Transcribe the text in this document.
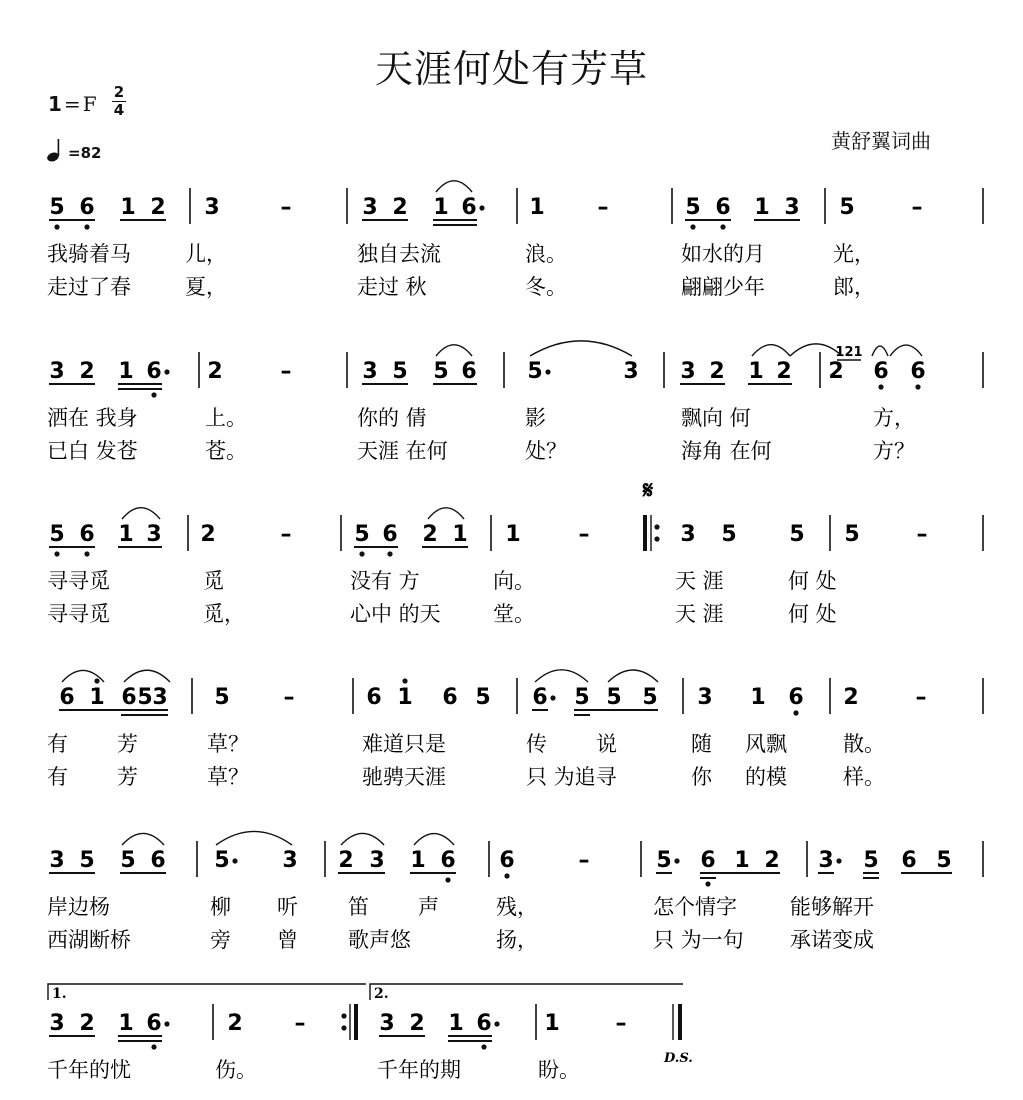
天涯何处有芳草
1 = F 2
4
= 82	黄舒翼词曲
5 6 1 2 3	–	3 2 1 6 1 –	5 6 1 3 5	–
我骑着马	儿，	独自去流	浪。	如水的月	光，
走过了春	夏，	走过 秋	冬。	翩翩少年	郎，
3 2 1 6 2	–	3 5 5 6 5	3 3 2 1 2 2 6 6
121
洒在 我身	上。	你的 倩	影	飘向 何	方，
已白 发苍	苍。	天涯 在何	处？	海角 在何	方？
5 6 1 3 2	–	5 6 2 1 1	–	3 5 5 5	–
𝄋
寻寻觅	觅	没有 方	向。	天 涯	何 处
寻寻觅	觅，	心中 的天 堂。	天 涯	何 处
6 1 6 5 3 5 –	6 1 6 5 6 5 5 5 3 1 6 2	–
有 芳	草？	难道只是	传 说	随 风飘	散。
有 芳	草？	驰骋天涯	只 为追寻	你 的模	样。
3 5 5 6 5 3 2 3 1 6 6	–	5 6 1 2 3 5 6 5
岸边杨	柳 听 笛 声	残，	怎个情字	能够解开
西湖断桥	旁 曾 歌声悠	扬，	只 为一句 承诺变成
3 2 1 6	2 –	3 2 1 6 1	–
1.	2.
D.S.
千年的忧	伤。	千年的期	盼。
